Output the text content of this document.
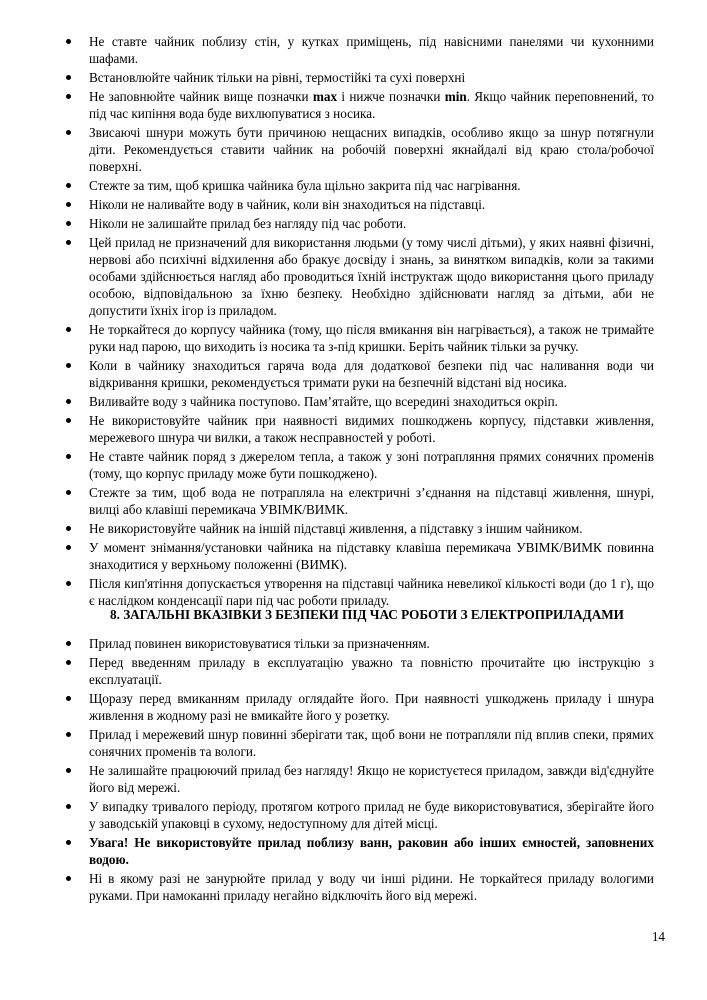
Не ставте чайник поблизу стін, у кутках приміщень, під навісними панелями чи кухонними шафами.
Встановлюйте чайник тільки на рівні, термостійкі та сухі поверхні
Не заповнюйте чайник вище позначки max і нижче позначки min. Якщо чайник переповнений, то під час кипіння вода буде вихлюпуватися з носика.
Звисаючі шнури можуть бути причиною нещасних випадків, особливо якщо за шнур потягнули діти. Рекомендується ставити чайник на робочій поверхні якнайдалі від краю стола/робочої поверхні.
Стежте за тим, щоб кришка чайника була щільно закрита під час нагрівання.
Ніколи не наливайте воду в чайник, коли він знаходиться на підставці.
Ніколи не залишайте прилад без нагляду під час роботи.
Цей прилад не призначений для використання людьми (у тому числі дітьми), у яких наявні фізичні, нервові або психічні відхилення або бракує досвіду і знань, за винятком випадків, коли за такими особами здійснюється нагляд або проводиться їхній інструктаж щодо використання цього приладу особою, відповідальною за їхню безпеку. Необхідно здійснювати нагляд за дітьми, аби не допустити їхніх ігор із приладом.
Не торкайтеся до корпусу чайника (тому, що після вмикання він нагрівається), а також не тримайте руки над парою, що виходить із носика та з-під кришки. Беріть чайник тільки за ручку.
Коли в чайнику знаходиться гаряча вода для додаткової безпеки під час наливання води чи відкривання кришки, рекомендується тримати руки на безпечній відстані від носика.
Виливайте воду з чайника поступово. Пам’ятайте, що всередині знаходиться окріп.
Не використовуйте чайник при наявності видимих пошкоджень корпусу, підставки живлення, мережевого шнура чи вилки, а також несправностей у роботі.
Не ставте чайник поряд з джерелом тепла, а також у зоні потрапляння прямих сонячних променів (тому, що корпус приладу може бути пошкоджено).
Стежте за тим, щоб вода не потрапляла на електричні з’єднання на підставці живлення, шнурі, вилці або клавіші перемикача УВІМК/ВИМК.
Не використовуйте чайник на іншій підставці живлення, а підставку з іншим чайником.
У момент знімання/установки чайника на підставку клавіша перемикача УВІМК/ВИМК повинна знаходитися у верхньому положенні (ВИМК).
Після кип'ятіння допускається утворення на підставці чайника невеликої кількості води (до 1 г), що є наслідком конденсації пари під час роботи приладу.
8. ЗАГАЛЬНІ ВКАЗІВКИ З БЕЗПЕКИ ПІД ЧАС РОБОТИ З ЕЛЕКТРОПРИЛАДАМИ
Прилад повинен використовуватися тільки за призначенням.
Перед введенням приладу в експлуатацію уважно та повністю прочитайте цю інструкцію з експлуатації.
Щоразу перед вмиканням приладу оглядайте його. При наявності ушкоджень приладу і шнура живлення в жодному разі не вмикайте його у розетку.
Прилад і мережевий шнур повинні зберігати так, щоб вони не потрапляли під вплив спеки, прямих сонячних променів та вологи.
Не залишайте працюючий прилад без нагляду! Якщо не користуєтеся приладом, завжди від'єднуйте його від мережі.
У випадку тривалого періоду, протягом котрого прилад не буде використовуватися, зберігайте його у заводській упаковці в сухому, недоступному для дітей місці.
Увага! Не використовуйте прилад поблизу ванн, раковин або інших ємностей, заповнених водою.
Ні в якому разі не занурюйте прилад у воду чи інші рідини. Не торкайтеся приладу вологими руками. При намоканні приладу негайно відключіть його від мережі.
14
